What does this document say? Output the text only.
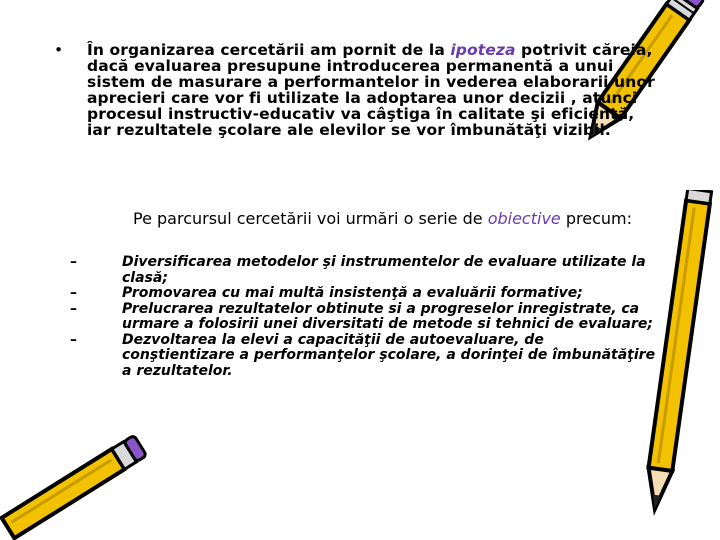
• În organizarea cercetării am pornit de la ipoteza potrivit căreia, dacă evaluarea presupune introducerea permanentă a unui sistem de masurare a performantelor in vederea elaborarii unor aprecieri care vor fi utilizate la adoptarea unor decizii , atunci procesul instructiv-educativ va câştiga în calitate şi eficienţă, iar rezultatele şcolare ale elevilor se vor îmbunătăţi vizibil.
Pe parcursul cercetării voi urmări o serie de obiective precum:
–	Diversificarea metodelor şi instrumentelor de evaluare utilizate la clasă;
–	Promovarea cu mai multă insistenţă a evaluării formative;
–	Prelucrarea rezultatelor obtinute si a progreselor inregistrate, ca urmare a folosirii unei diversitati de metode si tehnici de evaluare;
–	Dezvoltarea la elevi a capacităţii de autoevaluare, de conştientizare a performanţelor şcolare, a dorinţei de îmbunătăţire a rezultatelor.
